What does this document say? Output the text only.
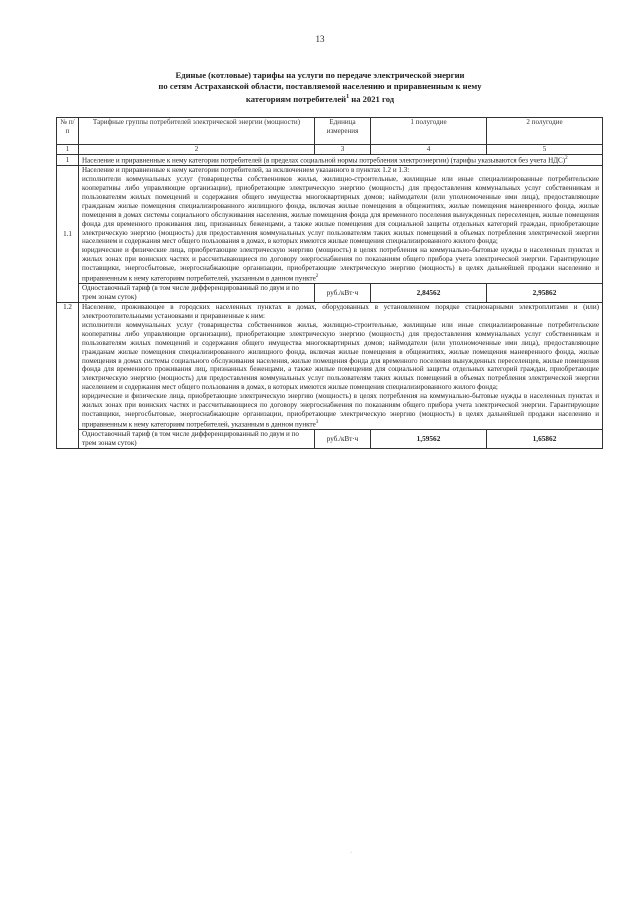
13
Единые (котловые) тарифы на услуги по передаче электрической энергии
по сетям Астраханской области, поставляемой населению и приравненным к нему
категориям потребителей$^1$ на 2021 год
№ п/п	Тарифные группы потребителей электрической энергии (мощности)	Единица измерения	1 полугодие	2 полугодие
1	2	3	4	5
1	Население и приравненные к нему категории потребителей (в пределах социальной нормы потребления электроэнергии) (тарифы указываются без учета НДС)$^2$
1.1	Население и приравненные к нему категории потребителей, за исключением указанного в пунктах 1.2 и 1.3:
исполнители коммунальных услуг (товарищества собственников жилья, жилищно-строительные, жилищные или иные специализированные потребительские кооперативы либо управляющие организации), приобретающие электрическую энергию (мощность) для предоставления коммунальных услуг собственникам и пользователям жилых помещений и содержания общего имущества многоквартирных домов; наймодатели (или уполномоченные ими лица), предоставляющие гражданам жилые помещения специализированного жилищного фонда, включая жилые помещения в общежитиях, жилые помещения маневренного фонда, жилые помещения в домах системы социального обслуживания населения, жилые помещения фонда для временного поселения вынужденных переселенцев, жилые помещения фонда для временного проживания лиц, признанных беженцами, а также жилые помещения для социальной защиты отдельных категорий граждан, приобретающие электрическую энергию (мощность) для предоставления коммунальных услуг пользователям таких жилых помещений в объемах потребления электрической энергии населением и содержания мест общего пользования в домах, в которых имеются жилые помещения специализированного жилого фонда;
юридические и физические лица, приобретающие электрическую энергию (мощность) в целях потребления на коммунально-бытовые нужды в населенных пунктах и жилых зонах при воинских частях и рассчитывающиеся по договору энергоснабжения по показаниям общего прибора учета электрической энергии. Гарантирующие поставщики, энергосбытовые, энергоснабжающие организации, приобретающие электрическую энергию (мощность) в целях дальнейшей продажи населению и приравненным к нему категориям потребителей, указанным в данном пункте$^2$

	Одноставочный тариф (в том числе дифференцированный по двум и по трем зонам суток)	руб./кВт·ч	2,84562	2,95862
1.2	Население, проживающее в городских населенных пунктах в домах, оборудованных в установленном порядке стационарными электроплитами и (или) электроотопительными установками и приравненные к ним:
исполнители коммунальных услуг (товарищества собственников жилья, жилищно-строительные, жилищные или иные специализированные потребительские кооперативы либо управляющие организации), приобретающие электрическую энергию (мощность) для предоставления коммунальных услуг собственникам и пользователям жилых помещений и содержания общего имущества многоквартирных домов; наймодатели (или уполномоченные ими лица), предоставляющие гражданам жилые помещения специализированного жилищного фонда, включая жилые помещения в общежитиях, жилые помещения маневренного фонда, жилые помещения в домах системы социального обслуживания населения, жилые помещения фонда для временного поселения вынужденных переселенцев, жилые помещения фонда для временного проживания лиц, признанных беженцами, а также жилые помещения для социальной защиты отдельных категорий граждан, приобретающие электрическую энергию (мощность) для предоставления коммунальных услуг пользователям таких жилых помещений в объемах потребления электрической энергии населением и содержания мест общего пользования в домах, в которых имеются жилые помещения специализированного жилого фонда;
юридические и физические лица, приобретающие электрическую энергию (мощность) в целях потребления на коммунально-бытовые нужды в населенных пунктах и жилых зонах при воинских частях и рассчитывающиеся по договору энергоснабжения по показаниям общего прибора учета электрической энергии. Гарантирующие поставщики, энергосбытовые, энергоснабжающие организации, приобретающие электрическую энергию (мощность) в целях дальнейшей продажи населению и приравненным к нему категориям потребителей, указанным в данном пункте$^3$

	Одноставочный тариф (в том числе дифференцированный по двум и по трем зонам суток)	руб./кВт·ч	1,59562	1,65862
·
